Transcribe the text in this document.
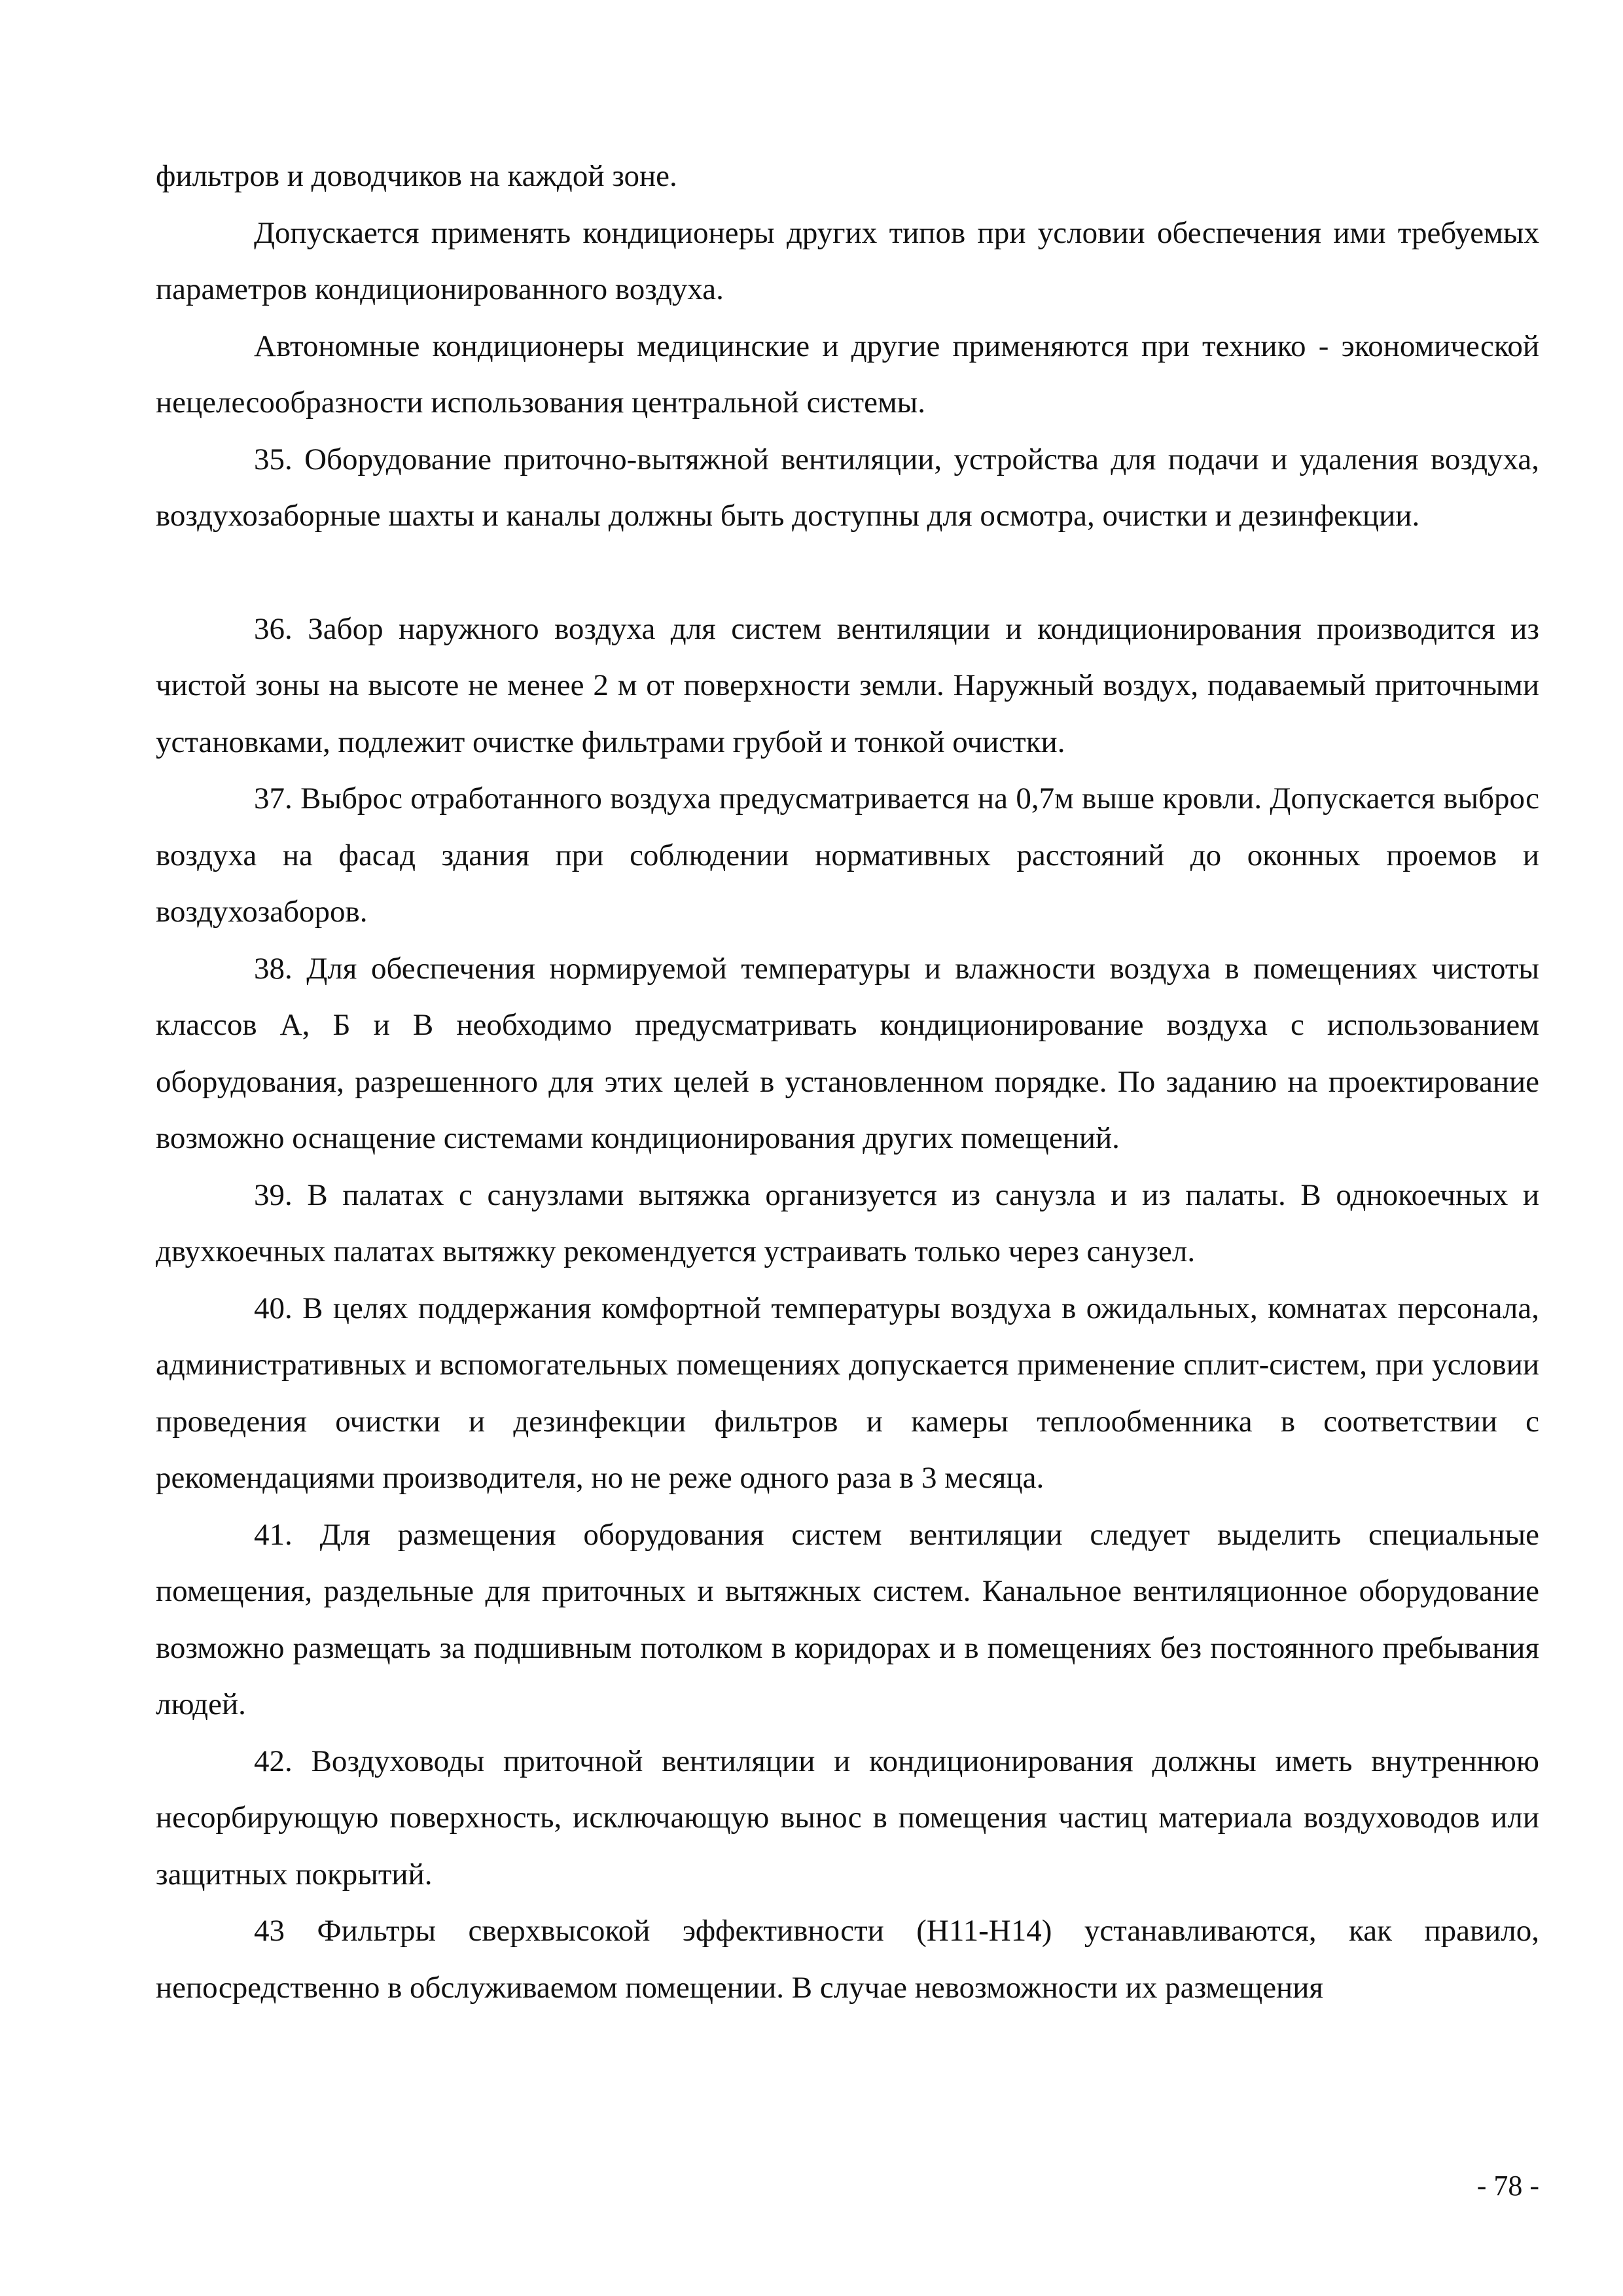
фильтров и доводчиков на каждой зоне.

Допускается применять кондиционеры других типов при условии обеспечения ими требуемых параметров кондиционированного воздуха.

Автономные кондиционеры медицинские и другие применяются при технико - экономической нецелесообразности использования центральной системы.

35. Оборудование приточно-вытяжной вентиляции, устройства для подачи и удаления воздуха, воздухозаборные шахты и каналы должны быть доступны для осмотра, очистки и дезинфекции.

36. Забор наружного воздуха для систем вентиляции и кондиционирования производится из чистой зоны на высоте не менее 2 м от поверхности земли. Наружный воздух, подаваемый приточными установками, подлежит очистке фильтрами грубой и тонкой очистки.

37. Выброс отработанного воздуха предусматривается на 0,7м выше кровли. Допускается выброс воздуха на фасад здания при соблюдении нормативных расстояний до оконных проемов и воздухозаборов.

38. Для обеспечения нормируемой температуры и влажности воздуха в помещениях чистоты классов А, Б и В необходимо предусматривать кондиционирование воздуха с использованием оборудования, разрешенного для этих целей в установленном порядке. По заданию на проектирование возможно оснащение системами кондиционирования других помещений.

39. В палатах с санузлами вытяжка организуется из санузла и из палаты. В однокоечных и двухкоечных палатах вытяжку рекомендуется устраивать только через санузел.

40. В целях поддержания комфортной температуры воздуха в ожидальных, комнатах персонала, административных и вспомогательных помещениях допускается применение сплит-систем, при условии проведения очистки и дезинфекции фильтров и камеры теплообменника в соответствии с рекомендациями производителя, но не реже одного раза в 3 месяца.

41. Для размещения оборудования систем вентиляции следует выделить специальные помещения, раздельные для приточных и вытяжных систем. Канальное вентиляционное оборудование возможно размещать за подшивным потолком в коридорах и в помещениях без постоянного пребывания людей.

42. Воздуховоды приточной вентиляции и кондиционирования должны иметь внутреннюю несорбирующую поверхность, исключающую вынос в помещения частиц материала воздуховодов или защитных покрытий.

43 Фильтры сверхвысокой эффективности (H11-H14) устанавливаются, как правило, непосредственно в обслуживаемом помещении. В случае невозможности их размещения

- 78 -
